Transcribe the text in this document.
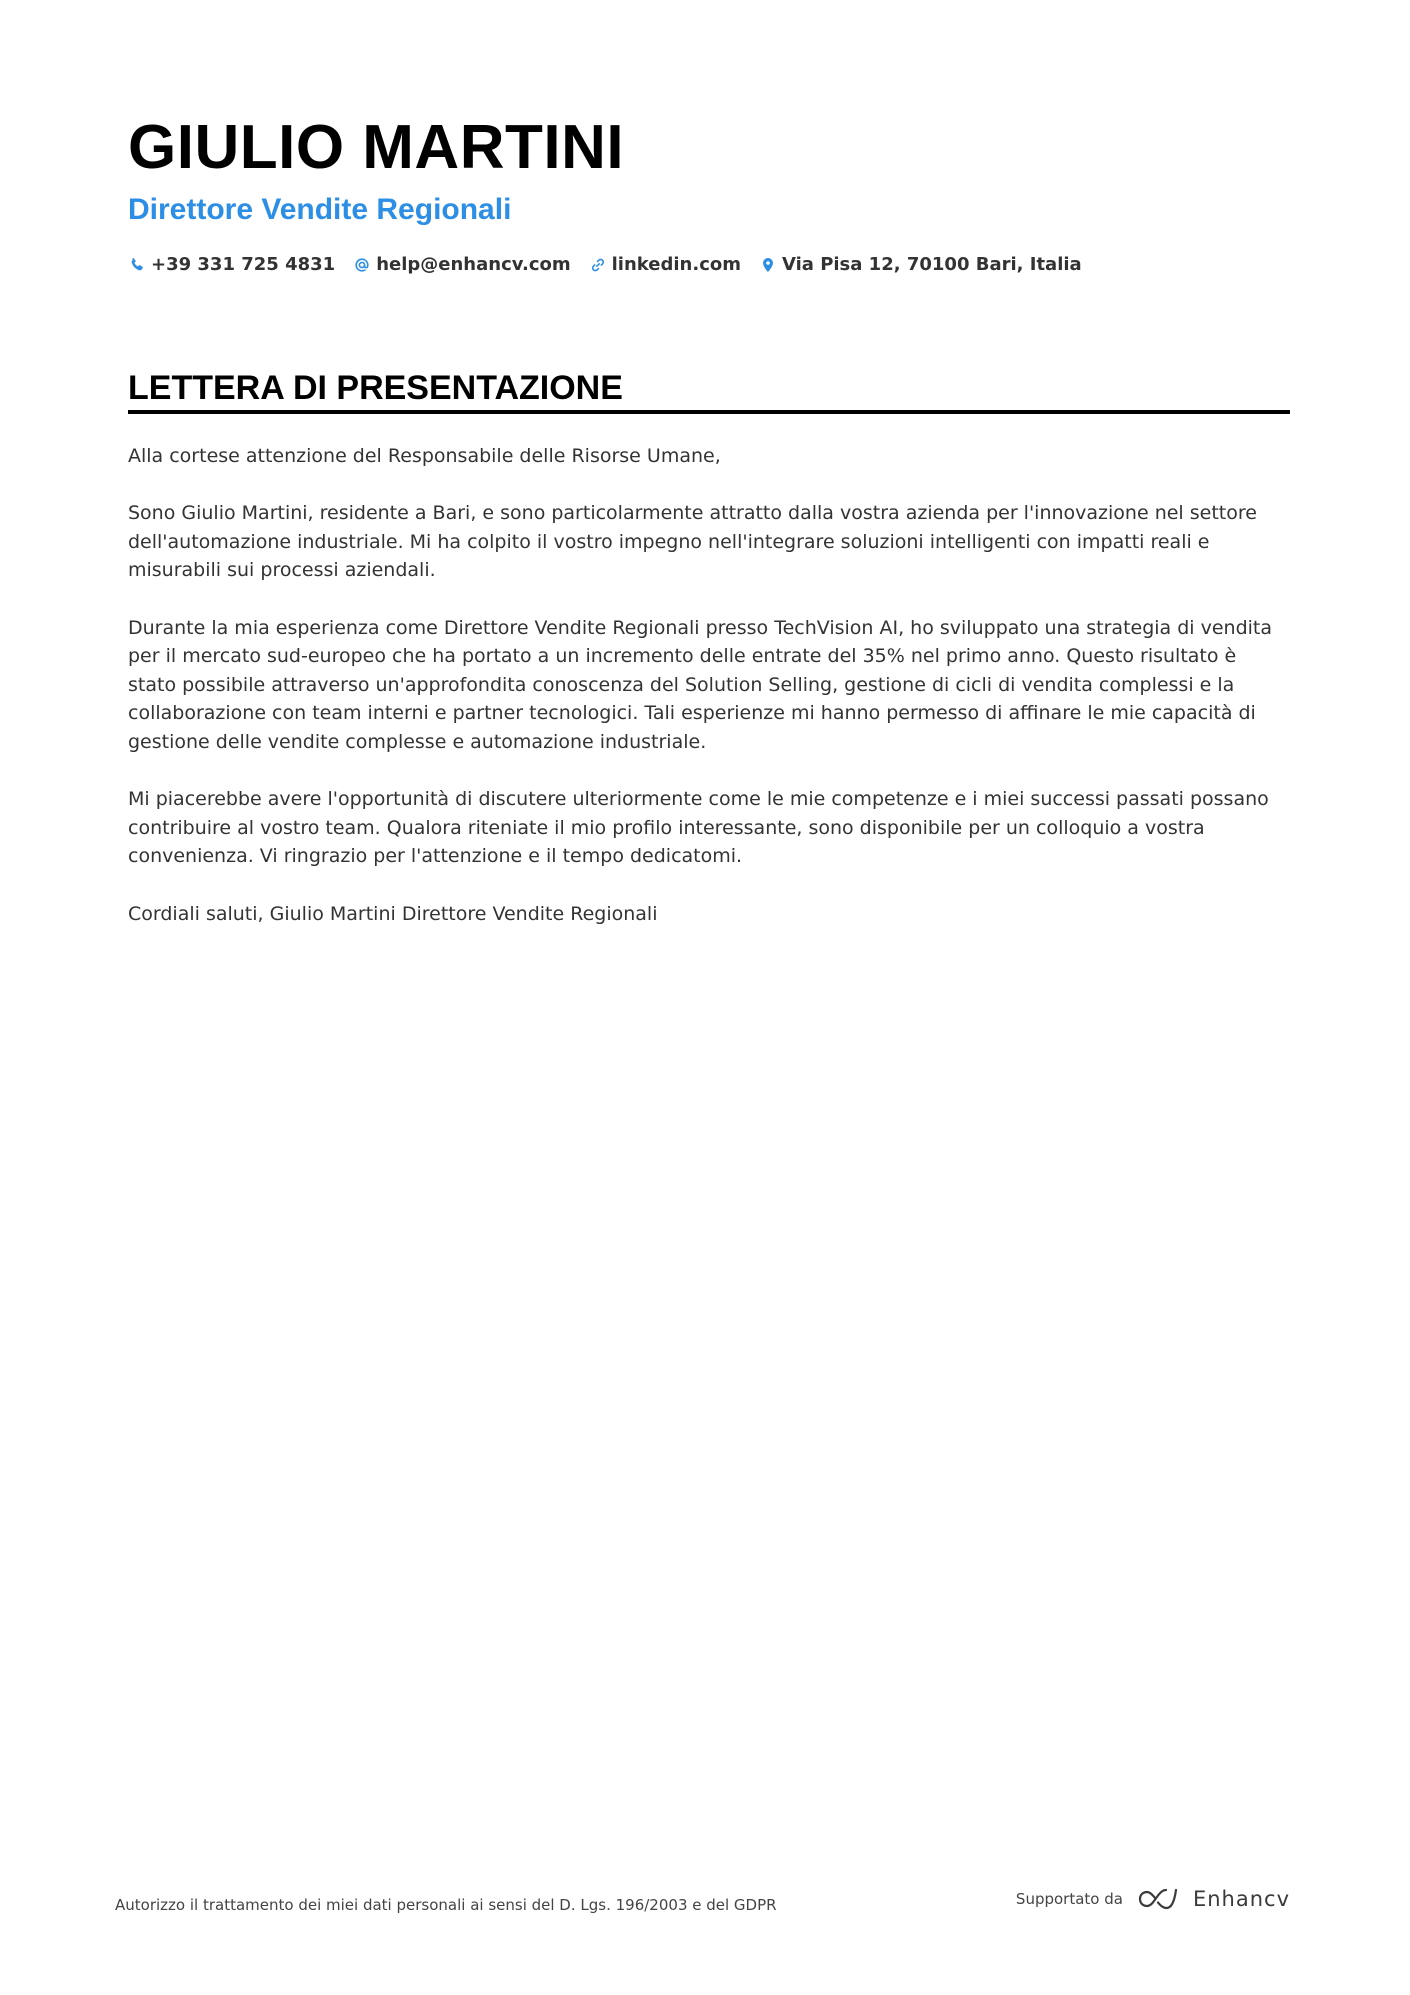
GIULIO MARTINI
Direttore Vendite Regionali
+39 331 725 4831 help@enhancv.com linkedin.com Via Pisa 12, 70100 Bari, Italia
LETTERA DI PRESENTAZIONE

Alla cortese attenzione del Responsabile delle Risorse Umane,

Sono Giulio Martini, residente a Bari, e sono particolarmente attratto dalla vostra azienda per l'innovazione nel settore dell'automazione industriale. Mi ha colpito il vostro impegno nell'integrare soluzioni intelligenti con impatti reali e misurabili sui processi aziendali.

Durante la mia esperienza come Direttore Vendite Regionali presso TechVision AI, ho sviluppato una strategia di vendita per il mercato sud-europeo che ha portato a un incremento delle entrate del 35% nel primo anno. Questo risultato è stato possibile attraverso un'approfondita conoscenza del Solution Selling, gestione di cicli di vendita complessi e la collaborazione con team interni e partner tecnologici. Tali esperienze mi hanno permesso di affinare le mie capacità di gestione delle vendite complesse e automazione industriale.

Mi piacerebbe avere l'opportunità di discutere ulteriormente come le mie competenze e i miei successi passati possano contribuire al vostro team. Qualora riteniate il mio profilo interessante, sono disponibile per un colloquio a vostra convenienza. Vi ringrazio per l'attenzione e il tempo dedicatomi.

Cordiali saluti, Giulio Martini Direttore Vendite Regionali

Autorizzo il trattamento dei miei dati personali ai sensi del D. Lgs. 196/2003 e del GDPR	Supportato da	Enhancv
